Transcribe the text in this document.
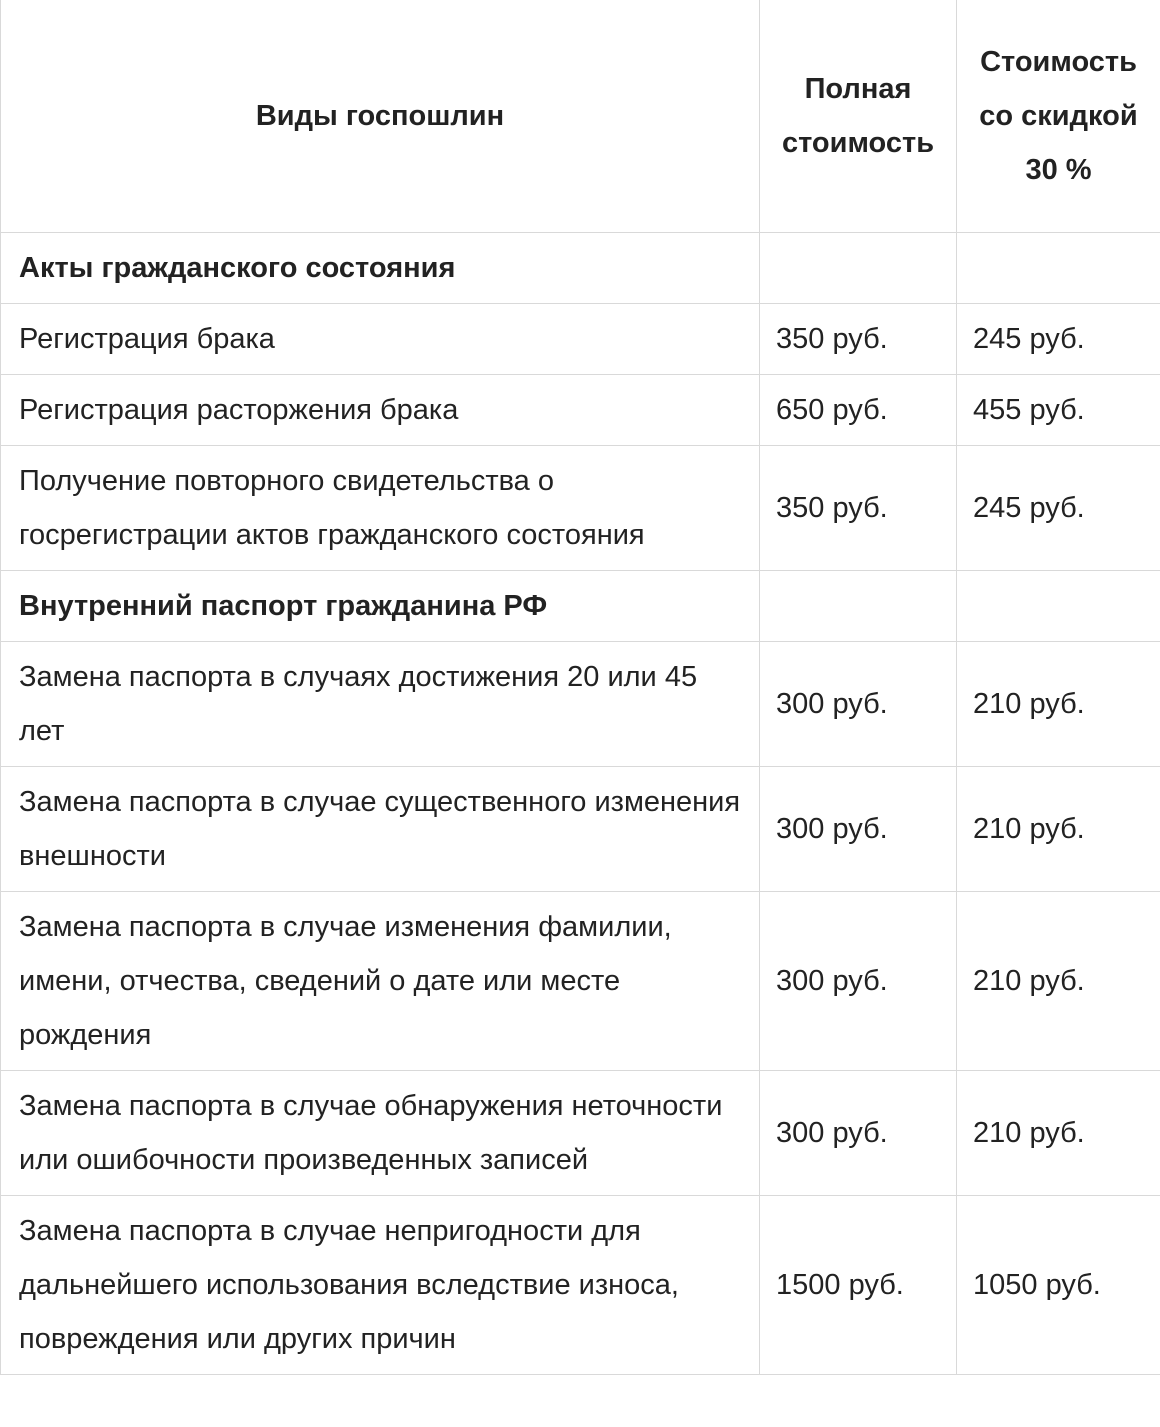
Виды госпошлин	Полная стоимость	Стоимость со скидкой 30 %
Акты гражданского состояния		
Регистрация брака	350 руб.	245 руб.
Регистрация расторжения брака	650 руб.	455 руб.
Получение повторного свидетельства о госрегистрации актов гражданского состояния	350 руб.	245 руб.
Внутренний паспорт гражданина РФ		
Замена паспорта в случаях достижения 20 или 45 лет	300 руб.	210 руб.
Замена паспорта в случае существенного изменения внешности	300 руб.	210 руб.
Замена паспорта в случае изменения фамилии, имени, отчества, сведений о дате или месте рождения	300 руб.	210 руб.
Замена паспорта в случае обнаружения неточности или ошибочности произведенных записей	300 руб.	210 руб.
Замена паспорта в случае непригодности для дальнейшего использования вследствие износа, повреждения или других причин	1500 руб.	1050 руб.
